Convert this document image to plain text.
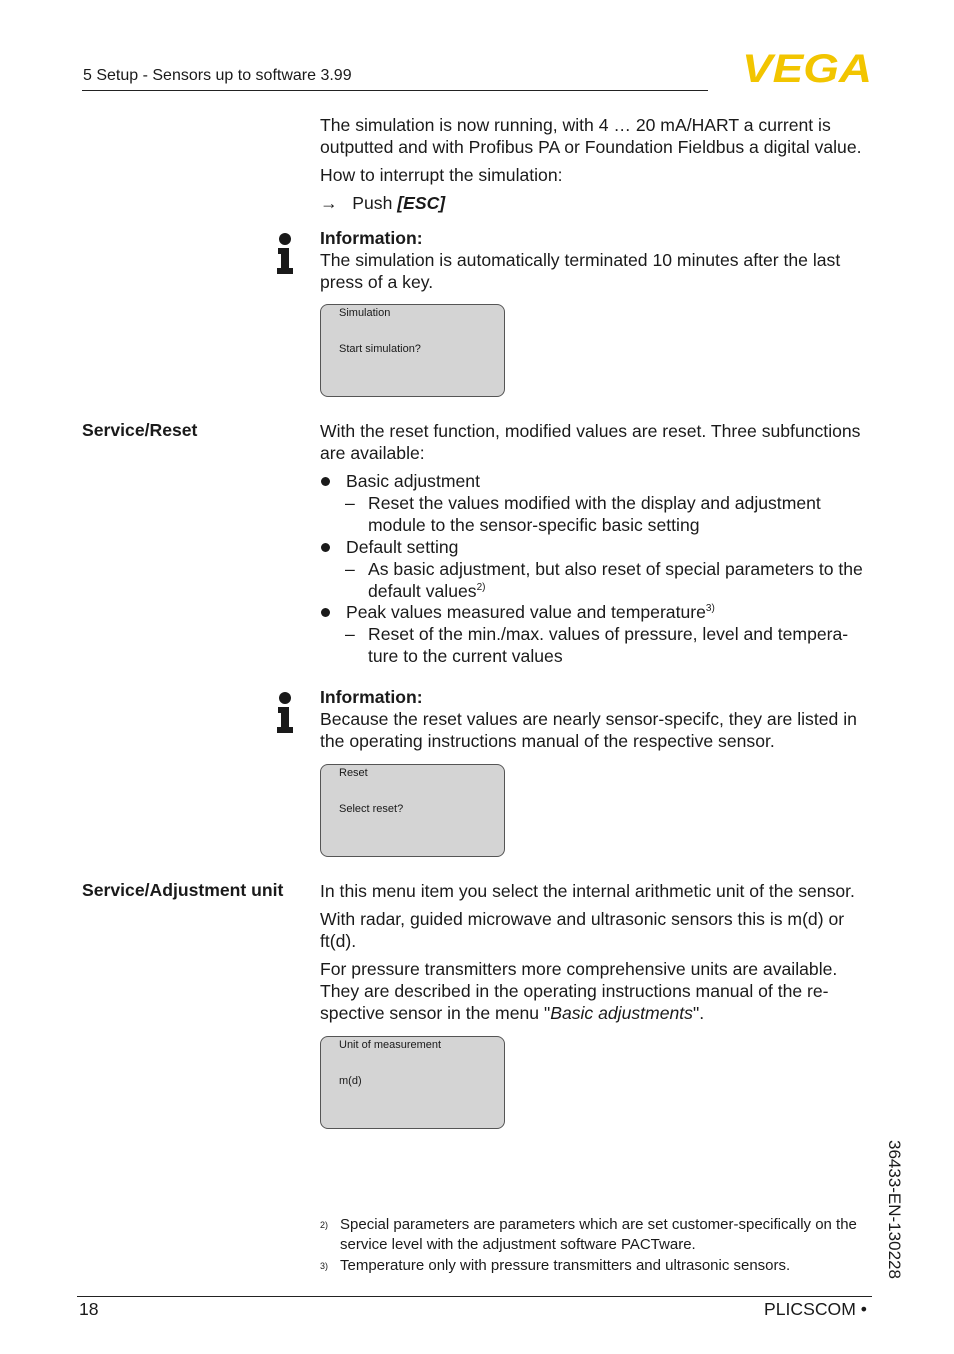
5 Setup - Sensors up to software 3.99	VEGA
The simulation is now running, with 4 … 20 mA/HART a current is outputted and with Profibus PA or Foundation Fieldbus a digital value.
How to interrupt the simulation:
→ Push [ESC]
Information:
The simulation is automatically terminated 10 minutes after the last press of a key.
Simulation
Start simulation?
Service/Reset	With the reset function, modified values are reset. Three subfunctions are available:
Basic adjustment
– Reset the values modified with the display and adjustment module to the sensor-specific basic setting
Default setting
– As basic adjustment, but also reset of special parameters to the default values$^{2)}$
Peak values measured value and temperature$^{3)}$
– Reset of the min./max. values of pressure, level and tempera- ture to the current values
Information:
Because the reset values are nearly sensor-specifc, they are listed in the operating instructions manual of the respective sensor.
Reset
Select reset?
Service/Adjustment unit In this menu item you select the internal arithmetic unit of the sensor.
With radar, guided microwave and ultrasonic sensors this is m(d) or ft(d).
For pressure transmitters more comprehensive units are available. They are described in the operating instructions manual of the re- spective sensor in the menu "Basic adjustments".
Unit of measurement
m(d)
2) Special parameters are parameters which are set customer-specifically on the service level with the adjustment software PACTware.
3) Temperature only with pressure transmitters and ultrasonic sensors.	36433-EN-130228
18	PLICSCOM •
